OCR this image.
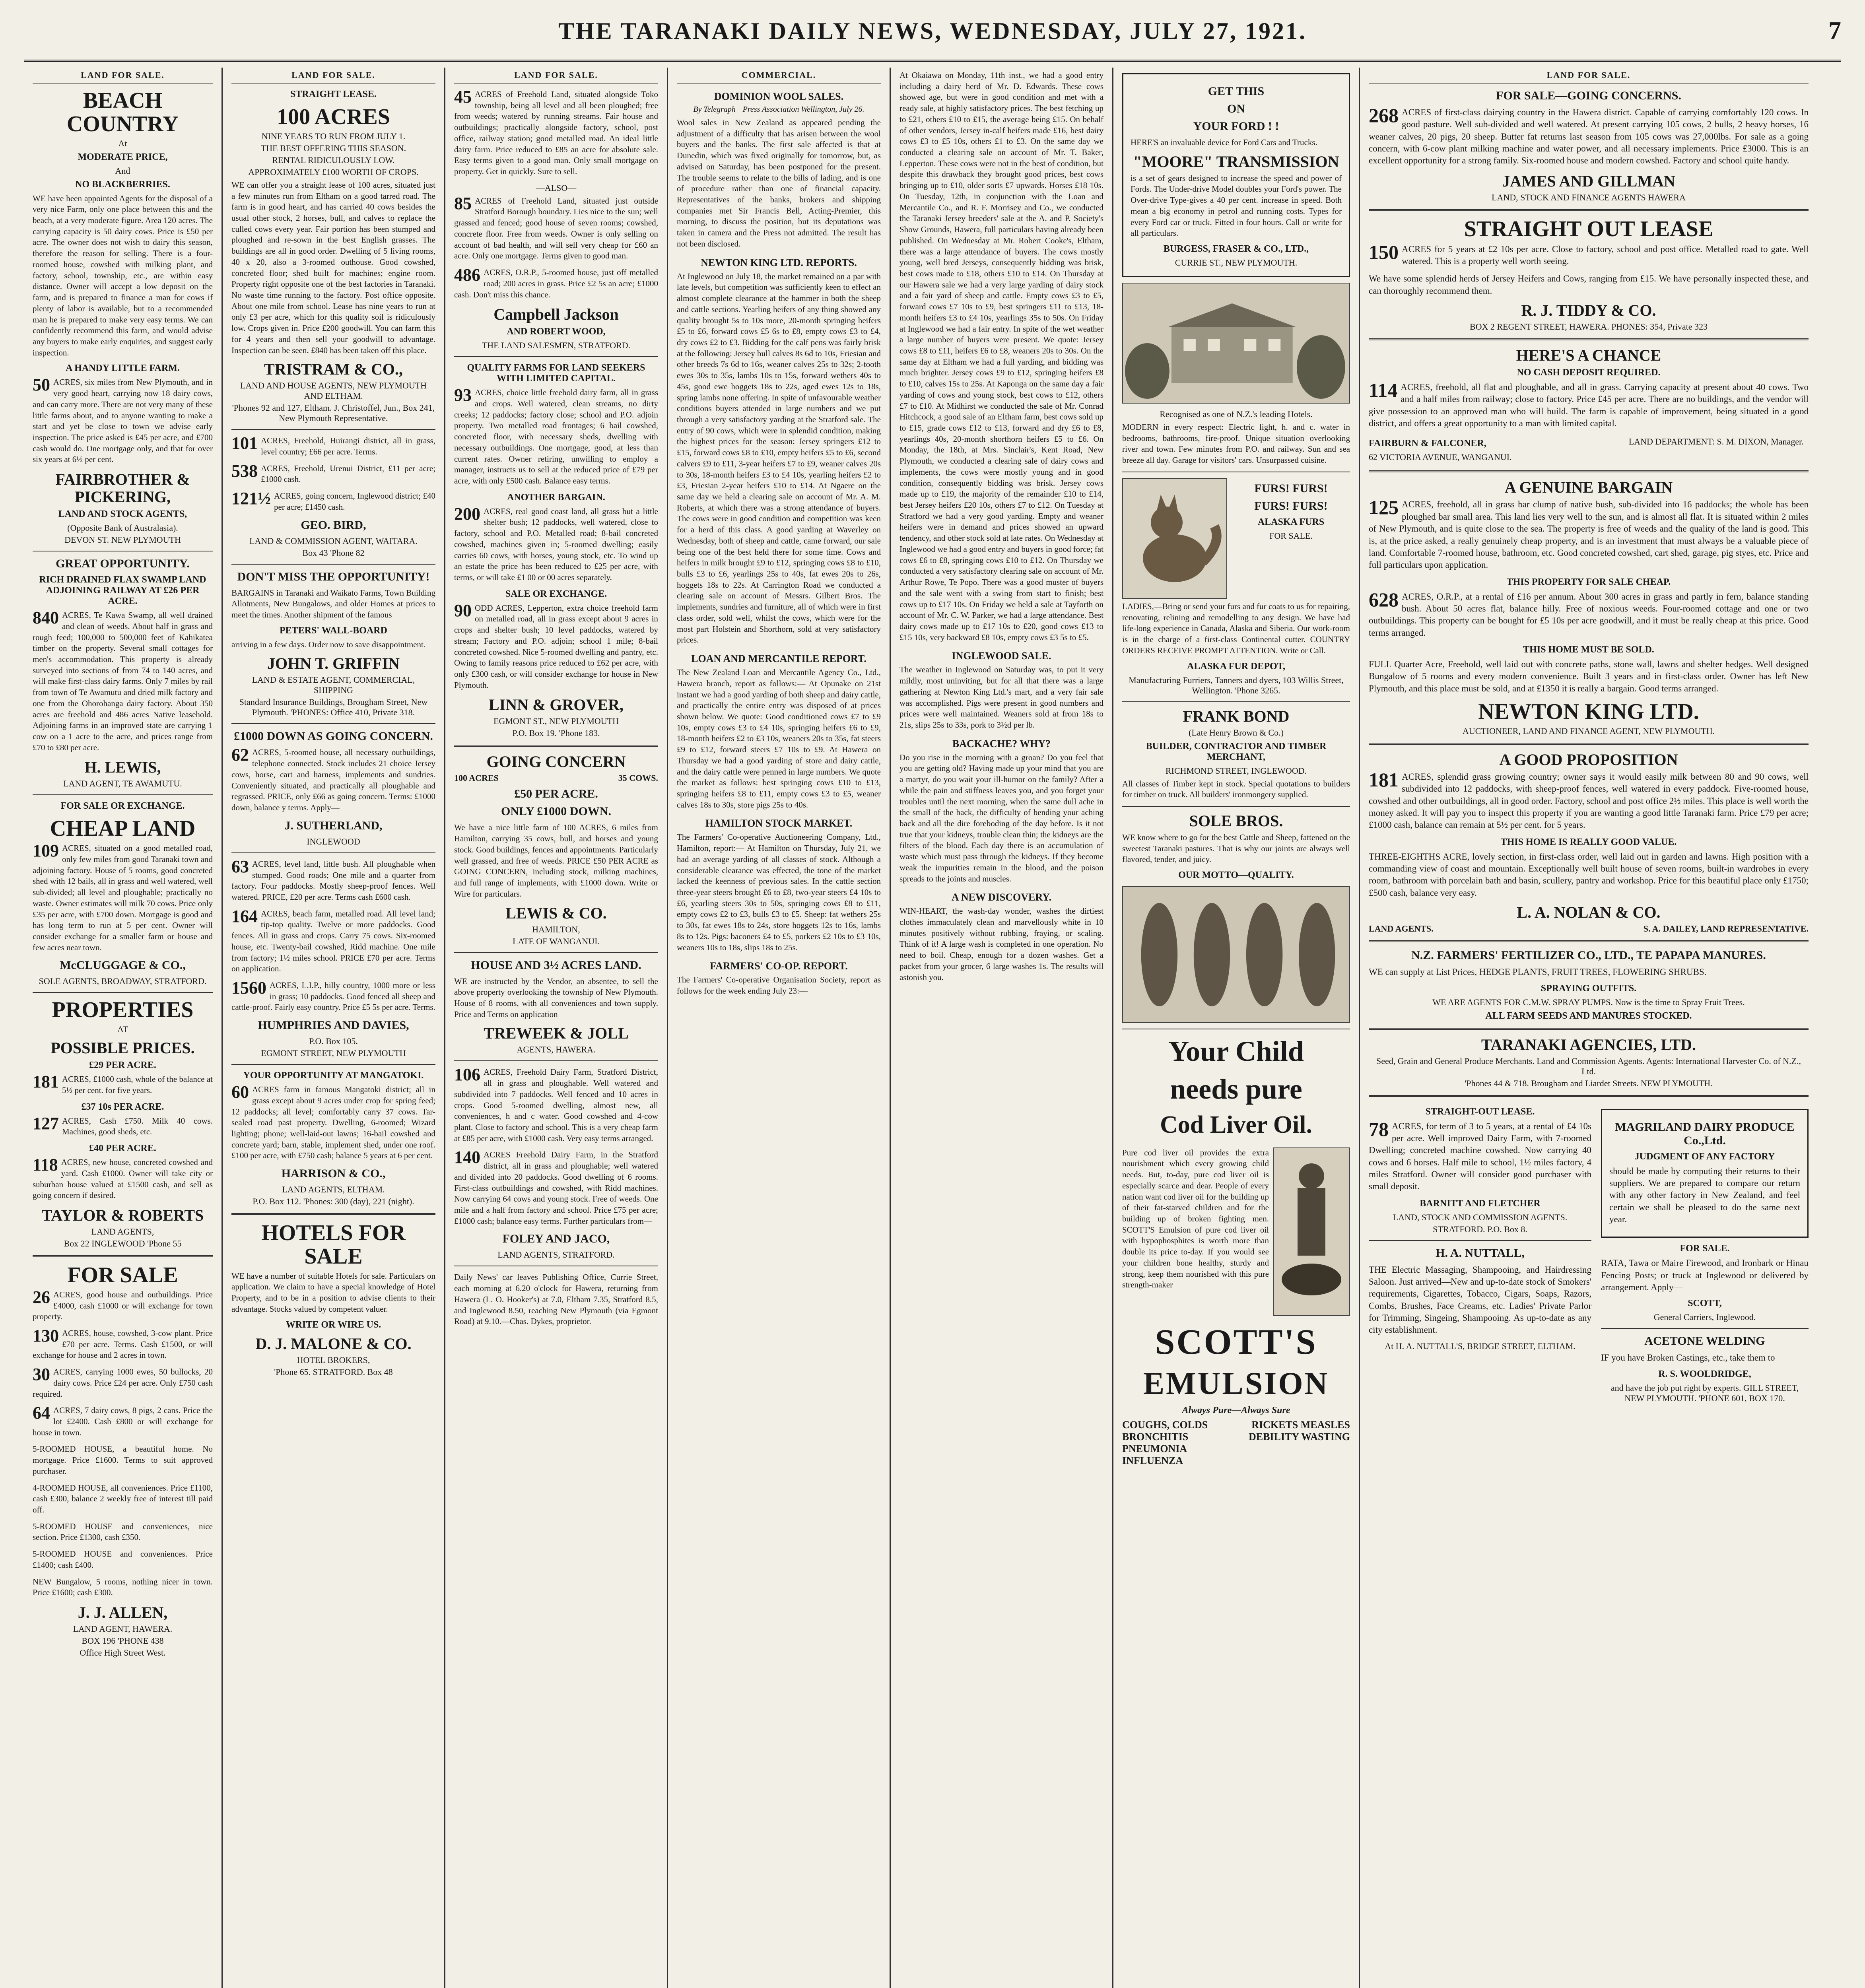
THE TARANAKI DAILY NEWS, WEDNESDAY, JULY 27, 1921.	7
LAND FOR SALE.
BEACH COUNTRY
At
MODERATE PRICE,
And
NO BLACKBERRIES.
WE have been appointed Agents for the disposal of a very nice Farm, only one place between this and the beach, at a very moderate figure. Area 120 acres. The carrying capacity is 50 dairy cows. Price is £50 per acre. The owner does not wish to dairy this season, therefore the reason for selling. There is a four-roomed house, cowshed with milking plant, and factory, school, township, etc., are within easy distance. Owner will accept a low deposit on the farm, and is prepared to finance a man for cows if plenty of labor is available, but to a recommended man he is prepared to make very easy terms. We can confidently recommend this farm, and would advise any buyers to make early enquiries, and suggest early inspection.
A HANDY LITTLE FARM.
50 ACRES, six miles from New Plymouth, and in very good heart, carrying now 18 dairy cows, and can carry more. There are not very many of these little farms about, and to anyone wanting to make a start and yet be close to town we advise early inspection. The price asked is £45 per acre, and £700 cash would do. One mortgage only, and that for over six years at 6½ per cent.
FAIRBROTHER & PICKERING,
LAND AND STOCK AGENTS,
(Opposite Bank of Australasia).
DEVON ST. NEW PLYMOUTH
GREAT OPPORTUNITY.
RICH DRAINED FLAX SWAMP LAND ADJOINING RAILWAY AT £26 PER ACRE.
840 ACRES, Te Kawa Swamp, all well drained and clean of weeds. About half in grass and rough feed; 100,000 to 500,000 feet of Kahikatea timber on the property. Several small cottages for men's accommodation. This property is already surveyed into sections of from 74 to 140 acres, and will make first-class dairy farms. Only 7 miles by rail from town of Te Awamutu and dried milk factory and one from the Ohorohanga dairy factory. About 350 acres are freehold and 486 acres Native leasehold. Adjoining farms in an improved state are carrying 1 cow on a 1 acre to the acre, and prices range from £70 to £80 per acre.
H. LEWIS,
LAND AGENT, TE AWAMUTU.
FOR SALE OR EXCHANGE.
CHEAP LAND
109 ACRES, situated on a good metalled road, only few miles from good Taranaki town and adjoining factory. House of 5 rooms, good concreted shed with 12 bails, all in grass and well watered, well sub-divided; all level and ploughable; practically no waste. Owner estimates will milk 70 cows. Price only £35 per acre, with £700 down. Mortgage is good and has long term to run at 5 per cent. Owner will consider exchange for a smaller farm or house and few acres near town.
McCLUGGAGE & CO.,
SOLE AGENTS, BROADWAY, STRATFORD.
PROPERTIES
AT
POSSIBLE PRICES.
£29 PER ACRE.
181 ACRES, £1000 cash, whole of the balance at 5½ per cent. for five years.
£37 10s PER ACRE.
127 ACRES, Cash £750. Milk 40 cows. Machines, good sheds, etc.
£40 PER ACRE.
118 ACRES, new house, concreted cowshed and yard. Cash £1000. Owner will take city or suburban house valued at £1500 cash, and sell as going concern if desired.
TAYLOR & ROBERTS
LAND AGENTS,
Box 22 INGLEWOOD 'Phone 55
FOR SALE
26 ACRES, good house and outbuildings. Price £4000, cash £1000 or will exchange for town property.
130 ACRES, house, cowshed, 3-cow plant. Price £70 per acre. Terms. Cash £1500, or will exchange for house and 2 acres in town.
30 ACRES, carrying 1000 ewes, 50 bullocks, 20 dairy cows. Price £24 per acre. Only £750 cash required.
64 ACRES, 7 dairy cows, 8 pigs, 2 cans. Price the lot £2400. Cash £800 or will exchange for house in town.
5-ROOMED HOUSE, a beautiful home. No mortgage. Price £1600. Terms to suit approved purchaser.
4-ROOMED HOUSE, all conveniences. Price £1100, cash £300, balance 2 weekly free of interest till paid off.
5-ROOMED HOUSE and conveniences, nice section. Price £1300, cash £350.
5-ROOMED HOUSE and conveniences. Price £1400; cash £400.
NEW Bungalow, 5 rooms, nothing nicer in town. Price £1600; cash £300.
J. J. ALLEN,
LAND AGENT, HAWERA.
BOX 196 'PHONE 438
Office High Street West.
LAND FOR SALE.
STRAIGHT LEASE.
100 ACRES
NINE YEARS TO RUN FROM JULY 1.
THE BEST OFFERING THIS SEASON.
RENTAL RIDICULOUSLY LOW.
APPROXIMATELY £100 WORTH OF CROPS.
WE can offer you a straight lease of 100 acres, situated just a few minutes run from Eltham on a good tarred road. The farm is in good heart, and has carried 40 cows besides the usual other stock, 2 horses, bull, and calves to replace the culled cows every year. Fair portion has been stumped and ploughed and re-sown in the best English grasses. The buildings are all in good order. Dwelling of 5 living rooms, 40 x 20, also a 3-roomed outhouse. Good cowshed, concreted floor; shed built for machines; engine room. Property right opposite one of the best factories in Taranaki. No waste time running to the factory. Post office opposite. About one mile from school. Lease has nine years to run at only £3 per acre, which for this quality soil is ridiculously low. Crops given in. Price £200 goodwill. You can farm this for 4 years and then sell your goodwill to advantage. Inspection can be seen. £840 has been taken off this place.
TRISTRAM & CO.,
LAND AND HOUSE AGENTS, NEW PLYMOUTH AND ELTHAM.
'Phones 92 and 127, Eltham. J. Christoffel, Jun., Box 241, New Plymouth Representative.
101 ACRES, Freehold, Huirangi district, all in grass, level country; £66 per acre. Terms.
538 ACRES, Freehold, Urenui District, £11 per acre; £1000 cash.
121½ ACRES, going concern, Inglewood district; £40 per acre; £1450 cash.
GEO. BIRD,
LAND & COMMISSION AGENT, WAITARA.
Box 43 'Phone 82
DON'T MISS THE OPPORTUNITY!
BARGAINS in Taranaki and Waikato Farms, Town Building Allotments, New Bungalows, and older Homes at prices to meet the times. Another shipment of the famous
PETERS' WALL-BOARD
arriving in a few days. Order now to save disappointment.
JOHN T. GRIFFIN
LAND & ESTATE AGENT, COMMERCIAL, SHIPPING
Standard Insurance Buildings, Brougham Street, New Plymouth. 'PHONES: Office 410, Private 318.
£1000 DOWN AS GOING CONCERN.
62 ACRES, 5-roomed house, all necessary outbuildings, telephone connected. Stock includes 21 choice Jersey cows, horse, cart and harness, implements and sundries. Conveniently situated, and practically all ploughable and regrassed. PRICE, only £66 as going concern. Terms: £1000 down, balance y terms. Apply—
J. SUTHERLAND,
INGLEWOOD
63 ACRES, level land, little bush. All ploughable when stumped. Good roads; One mile and a quarter from factory. Four paddocks. Mostly sheep-proof fences. Well watered. PRICE, £20 per acre. Terms cash £600 cash.
164 ACRES, beach farm, metalled road. All level land; tip-top quality. Twelve or more paddocks. Good fences. All in grass and crops. Carry 75 cows. Six-roomed house, etc. Twenty-bail cowshed, Ridd machine. One mile from factory; 1½ miles school. PRICE £70 per acre. Terms on application.
1560 ACRES, L.I.P., hilly country, 1000 more or less in grass; 10 paddocks. Good fenced all sheep and cattle-proof. Fairly easy country. Price £5 5s per acre. Terms.
HUMPHRIES AND DAVIES,
P.O. Box 105.
EGMONT STREET, NEW PLYMOUTH
YOUR OPPORTUNITY AT MANGATOKI.
60 ACRES farm in famous Mangatoki district; all in grass except about 9 acres under crop for spring feed; 12 paddocks; all level; comfortably carry 37 cows. Tar-sealed road past property. Dwelling, 6-roomed; Wizard lighting; phone; well-laid-out lawns; 16-bail cowshed and concrete yard; barn, stable, implement shed, under one roof. £100 per acre, with £750 cash; balance 5 years at 6 per cent.
HARRISON & CO.,
LAND AGENTS, ELTHAM.
P.O. Box 112. 'Phones: 300 (day), 221 (night).
HOTELS FOR SALE
WE have a number of suitable Hotels for sale. Particulars on application. We claim to have a special knowledge of Hotel Property, and to be in a position to advise clients to their advantage. Stocks valued by competent valuer.
WRITE OR WIRE US.
D. J. MALONE & CO.
HOTEL BROKERS,
'Phone 65. STRATFORD. Box 48
LAND FOR SALE.
45 ACRES of Freehold Land, situated alongside Toko township, being all level and all been ploughed; free from weeds; watered by running streams. Fair house and outbuildings; practically alongside factory, school, post office, railway station; good metalled road. An ideal little dairy farm. Price reduced to £85 an acre for absolute sale. Easy terms given to a good man. Only small mortgage on property. Get in quickly. Sure to sell.
—ALSO—
85 ACRES of Freehold Land, situated just outside Stratford Borough boundary. Lies nice to the sun; well grassed and fenced; good house of seven rooms; cowshed, concrete floor. Free from weeds. Owner is only selling on account of bad health, and will sell very cheap for £60 an acre. Only one mortgage. Terms given to good man.
486 ACRES, O.R.P., 5-roomed house, just off metalled road; 200 acres in grass. Price £2 5s an acre; £1000 cash. Don't miss this chance.
Campbell Jackson
AND ROBERT WOOD,
THE LAND SALESMEN, STRATFORD.
QUALITY FARMS FOR LAND SEEKERS WITH LIMITED CAPITAL.
93 ACRES, choice little freehold dairy farm, all in grass and crops. Well watered, clean streams, no dirty creeks; 12 paddocks; factory close; school and P.O. adjoin property. Two metalled road frontages; 6 bail cowshed, concreted floor, with necessary sheds, dwelling with necessary outbuildings. One mortgage, good, at less than current rates. Owner retiring, unwilling to employ a manager, instructs us to sell at the reduced price of £79 per acre, with only £500 cash. Balance easy terms.
ANOTHER BARGAIN.
200 ACRES, real good coast land, all grass but a little shelter bush; 12 paddocks, well watered, close to factory, school and P.O. Metalled road; 8-bail concreted cowshed, machines given in; 5-roomed dwelling; easily carries 60 cows, with horses, young stock, etc. To wind up an estate the price has been reduced to £25 per acre, with terms, or will take £1 00 or 00 acres separately.
SALE OR EXCHANGE.
90 ODD ACRES, Lepperton, extra choice freehold farm on metalled road, all in grass except about 9 acres in crops and shelter bush; 10 level paddocks, watered by stream; Factory and P.O. adjoin; school 1 mile; 8-bail concreted cowshed. Nice 5-roomed dwelling and pantry, etc. Owing to family reasons price reduced to £62 per acre, with only £300 cash, or will consider exchange for house in New Plymouth.
LINN & GROVER,
EGMONT ST., NEW PLYMOUTH
P.O. Box 19. 'Phone 183.
GOING CONCERN
100 ACRES	35 COWS.
£50 PER ACRE.
ONLY £1000 DOWN.
We have a nice little farm of 100 ACRES, 6 miles from Hamilton, carrying 35 cows, bull, and horses and young stock. Good buildings, fences and appointments. Particularly well grassed, and free of weeds. PRICE £50 PER ACRE as GOING CONCERN, including stock, milking machines, and full range of implements, with £1000 down. Write or Wire for particulars.
LEWIS & CO.
HAMILTON,
LATE OF WANGANUI.
HOUSE AND 3½ ACRES LAND.
WE are instructed by the Vendor, an absentee, to sell the above property overlooking the township of New Plymouth. House of 8 rooms, with all conveniences and town supply. Price and Terms on application
TREWEEK & JOLL
AGENTS, HAWERA.
106 ACRES, Freehold Dairy Farm, Stratford District, all in grass and ploughable. Well watered and subdivided into 7 paddocks. Well fenced and 10 acres in crops. Good 5-roomed dwelling, almost new, all conveniences, h and c water. Good cowshed and 4-cow plant. Close to factory and school. This is a very cheap farm at £85 per acre, with £1000 cash. Very easy terms arranged.
140 ACRES Freehold Dairy Farm, in the Stratford district, all in grass and ploughable; well watered and divided into 20 paddocks. Good dwelling of 6 rooms. First-class outbuildings and cowshed, with Ridd machines. Now carrying 64 cows and young stock. Free of weeds. One mile and a half from factory and school. Price £75 per acre; £1000 cash; balance easy terms. Further particulars from—
FOLEY AND JACO,
LAND AGENTS, STRATFORD.
Daily News' car leaves Publishing Office, Currie Street, each morning at 6.20 o'clock for Hawera, returning from Hawera (L. O. Hooker's) at 7.0, Eltham 7.35, Stratford 8.5, and Inglewood 8.50, reaching New Plymouth (via Egmont Road) at 9.10.—Chas. Dykes, proprietor.
COMMERCIAL.
DOMINION WOOL SALES.
By Telegraph—Press Association Wellington, July 26.
Wool sales in New Zealand as appeared pending the adjustment of a difficulty that has arisen between the wool buyers and the banks. The first sale affected is that at Dunedin, which was fixed originally for tomorrow, but, as advised on Saturday, has been postponed for the present. The trouble seems to relate to the bills of lading, and is one of procedure rather than one of financial capacity. Representatives of the banks, brokers and shipping companies met Sir Francis Bell, Acting-Premier, this morning, to discuss the position, but its deputations was taken in camera and the Press not admitted. The result has not been disclosed.
NEWTON KING LTD. REPORTS.
At Inglewood on July 18, the market remained on a par with late levels, but competition was sufficiently keen to effect an almost complete clearance at the hammer in both the sheep and cattle sections. Yearling heifers of any thing showed any quality brought 5s to 10s more, 20-month springing heifers £5 to £6, forward cows £5 6s to £8, empty cows £3 to £4, dry cows £2 to £3. Bidding for the calf pens was fairly brisk at the following: Jersey bull calves 8s 6d to 10s, Friesian and other breeds 7s 6d to 16s, weaner calves 25s to 32s; 2-tooth ewes 30s to 35s, lambs 10s to 15s, forward wethers 40s to 45s, good ewe hoggets 18s to 22s, aged ewes 12s to 18s, spring lambs none offering. In spite of unfavourable weather conditions buyers attended in large numbers and we put through a very satisfactory yarding at the Stratford sale. The entry of 90 cows, which were in splendid condition, making the highest prices for the season: Jersey springers £12 to £15, forward cows £8 to £10, empty heifers £5 to £6, second calvers £9 to £11, 3-year heifers £7 to £9, weaner calves 20s to 30s, 18-month heifers £3 to £4 10s, yearling heifers £2 to £3, Friesian 2-year heifers £10 to £14. At Ngaere on the same day we held a clearing sale on account of Mr. A. M. Roberts, at which there was a strong attendance of buyers. The cows were in good condition and competition was keen for a herd of this class. A good yarding at Waverley on Wednesday, both of sheep and cattle, came forward, our sale being one of the best held there for some time. Cows and heifers in milk brought £9 to £12, springing cows £8 to £10, bulls £3 to £6, yearlings 25s to 40s, fat ewes 20s to 26s, hoggets 18s to 22s. At Carrington Road we conducted a clearing sale on account of Messrs. Gilbert Bros. The implements, sundries and furniture, all of which were in first class order, sold well, whilst the cows, which were for the most part Holstein and Shorthorn, sold at very satisfactory prices.
LOAN AND MERCANTILE REPORT.
The New Zealand Loan and Mercantile Agency Co., Ltd., Hawera branch, report as follows:— At Opunake on 21st instant we had a good yarding of both sheep and dairy cattle, and practically the entire entry was disposed of at prices shown below. We quote: Good conditioned cows £7 to £9 10s, empty cows £3 to £4 10s, springing heifers £6 to £9, 18-month heifers £2 to £3 10s, weaners 20s to 35s, fat steers £9 to £12, forward steers £7 10s to £9. At Hawera on Thursday we had a good yarding of store and dairy cattle, and the dairy cattle were penned in large numbers. We quote the market as follows: best springing cows £10 to £13, springing heifers £8 to £11, empty cows £3 to £5, weaner calves 18s to 30s, store pigs 25s to 40s.
HAMILTON STOCK MARKET.
The Farmers' Co-operative Auctioneering Company, Ltd., Hamilton, report:— At Hamilton on Thursday, July 21, we had an average yarding of all classes of stock. Although a considerable clearance was effected, the tone of the market lacked the keenness of previous sales. In the cattle section three-year steers brought £6 to £8, two-year steers £4 10s to £6, yearling steers 30s to 50s, springing cows £8 to £11, empty cows £2 to £3, bulls £3 to £5. Sheep: fat wethers 25s to 30s, fat ewes 18s to 24s, store hoggets 12s to 16s, lambs 8s to 12s. Pigs: baconers £4 to £5, porkers £2 10s to £3 10s, weaners 10s to 18s, slips 18s to 25s.
FARMERS' CO-OP. REPORT.
The Farmers' Co-operative Organisation Society, report as follows for the week ending July 23:—
At Okaiawa on Monday, 11th inst., we had a good entry including a dairy herd of Mr. D. Edwards. These cows showed age, but were in good condition and met with a ready sale, at highly satisfactory prices. The best fetching up to £21, others £10 to £15, the average being £15. On behalf of other vendors, Jersey in-calf heifers made £16, best dairy cows £3 to £5 10s, others £1 to £3. On the same day we conducted a clearing sale on account of Mr. T. Baker, Lepperton. These cows were not in the best of condition, but despite this drawback they brought good prices, best cows bringing up to £10, older sorts £7 upwards. Horses £18 10s. On Tuesday, 12th, in conjunction with the Loan and Mercantile Co., and R. F. Morrisey and Co., we conducted the Taranaki Jersey breeders' sale at the A. and P. Society's Show Grounds, Hawera, full particulars having already been published. On Wednesday at Mr. Robert Cooke's, Eltham, there was a large attendance of buyers. The cows mostly young, well bred Jerseys, consequently bidding was brisk, best cows made to £18, others £10 to £14. On Thursday at our Hawera sale we had a very large yarding of dairy stock and a fair yard of sheep and cattle. Empty cows £3 to £5, forward cows £7 10s to £9, best springers £11 to £13, 18-month heifers £3 to £4 10s, yearlings 35s to 50s. On Friday at Inglewood we had a fair entry. In spite of the wet weather a large number of buyers were present. We quote: Jersey cows £8 to £11, heifers £6 to £8, weaners 20s to 30s. On the same day at Eltham we had a full yarding, and bidding was much brighter. Jersey cows £9 to £12, springing heifers £8 to £10, calves 15s to 25s. At Kaponga on the same day a fair yarding of cows and young stock, best cows to £12, others £7 to £10. At Midhirst we conducted the sale of Mr. Conrad Hitchcock, a good sale of an Eltham farm, best cows sold up to £15, grade cows £12 to £13, forward and dry £6 to £8, yearlings 40s, 20-month shorthorn heifers £5 to £6. On Monday, the 18th, at Mrs. Sinclair's, Kent Road, New Plymouth, we conducted a clearing sale of dairy cows and implements, the cows were mostly young and in good condition, consequently bidding was brisk. Jersey cows made up to £19, the majority of the remainder £10 to £14, best Jersey heifers £20 10s, others £7 to £12. On Tuesday at Stratford we had a very good yarding. Empty and weaner heifers were in demand and prices showed an upward tendency, and other stock sold at late rates. On Wednesday at Inglewood we had a good entry and buyers in good force; fat cows £6 to £8, springing cows £10 to £12. On Thursday we conducted a very satisfactory clearing sale on account of Mr. Arthur Rowe, Te Popo. There was a good muster of buyers and the sale went with a swing from start to finish; best cows up to £17 10s. On Friday we held a sale at Tayforth on account of Mr. C. W. Parker, we had a large attendance. Best dairy cows made up to £17 10s to £20, good cows £13 to £15 10s, very backward £8 10s, empty cows £3 5s to £5.
INGLEWOOD SALE.
The weather in Inglewood on Saturday was, to put it very mildly, most uninviting, but for all that there was a large gathering at Newton King Ltd.'s mart, and a very fair sale was accomplished. Pigs were present in good numbers and prices were well maintained. Weaners sold at from 18s to 21s, slips 25s to 33s, pork to 3½d per lb.
BACKACHE? WHY?
Do you rise in the morning with a groan? Do you feel that you are getting old? Having made up your mind that you are a martyr, do you wait your ill-humor on the family? After a while the pain and stiffness leaves you, and you forget your troubles until the next morning, when the same dull ache in the small of the back, the difficulty of bending your aching back and all the dire foreboding of the day before. Is it not true that your kidneys, trouble clean thin; the kidneys are the filters of the blood. Each day there is an accumulation of waste which must pass through the kidneys. If they become weak the impurities remain in the blood, and the poison spreads to the joints and muscles.
A NEW DISCOVERY.
WIN-HEART, the wash-day wonder, washes the dirtiest clothes immaculately clean and marvellously white in 10 minutes positively without rubbing, fraying, or scaling. Think of it! A large wash is completed in one operation. No need to boil. Cheap, enough for a dozen washes. Get a packet from your grocer, 6 large washes 1s. The results will astonish you.
GET THIS
ON
YOUR FORD ! !
HERE'S an invaluable device for Ford Cars and Trucks.
"MOORE" TRANSMISSION
is a set of gears designed to increase the speed and power of Fords. The Under-drive Model doubles your Ford's power. The Over-drive Type-gives a 40 per cent. increase in speed. Both mean a big economy in petrol and running costs. Types for every Ford car or truck. Fitted in four hours. Call or write for all particulars.
BURGESS, FRASER & CO., LTD.,
CURRIE ST., NEW PLYMOUTH.
Recognised as one of N.Z.'s leading Hotels.
MODERN in every respect: Electric light, h. and c. water in bedrooms, bathrooms, fire-proof. Unique situation overlooking river and town. Few minutes from P.O. and railway. Sun and sea breeze all day. Garage for visitors' cars. Unsurpassed cuisine.
FURS! FURS!
FURS! FURS!
ALASKA FURS
FOR SALE.
LADIES,—Bring or send your furs and fur coats to us for repairing, renovating, relining and remodelling to any design. We have had life-long experience in Canada, Alaska and Siberia. Our work-room is in the charge of a first-class Continental cutter. COUNTRY ORDERS RECEIVE PROMPT ATTENTION. Write or Call.
ALASKA FUR DEPOT,
Manufacturing Furriers, Tanners and dyers, 103 Willis Street, Wellington. 'Phone 3265.
FRANK BOND
(Late Henry Brown & Co.)
BUILDER, CONTRACTOR AND TIMBER MERCHANT,
RICHMOND STREET, INGLEWOOD.
All classes of Timber kept in stock. Special quotations to builders for timber on truck. All builders' ironmongery supplied.
SOLE BROS.
WE know where to go for the best Cattle and Sheep, fattened on the sweetest Taranaki pastures. That is why our joints are always well flavored, tender, and juicy.
OUR MOTTO—QUALITY.
Your Child
needs pure
Cod Liver Oil.
Pure cod liver oil provides the extra nourishment which every growing child needs. But, to-day, pure cod liver oil is especially scarce and dear. People of every nation want cod liver oil for the building up of their fat-starved children and for the building up of broken fighting men. SCOTT'S Emulsion of pure cod liver oil with hypophosphites is worth more than double its price to-day. If you would see your children bone healthy, sturdy and strong, keep them nourished with this pure strength-maker
SCOTT'S
EMULSION
Always Pure—Always Sure
COUGHS, COLDS BRONCHITIS PNEUMONIA INFLUENZA
RICKETS MEASLES DEBILITY WASTING
LAND FOR SALE.
FOR SALE—GOING CONCERNS.
268 ACRES of first-class dairying country in the Hawera district. Capable of carrying comfortably 120 cows. In good pasture. Well sub-divided and well watered. At present carrying 105 cows, 2 bulls, 2 heavy horses, 16 weaner calves, 20 pigs, 20 sheep. Butter fat returns last season from 105 cows was 27,000lbs. For sale as a going concern, with 6-cow plant milking machine and water power, and all necessary implements. Price £3000. This is an excellent opportunity for a strong family. Six-roomed house and modern cowshed. Factory and school quite handy.
JAMES AND GILLMAN
LAND, STOCK AND FINANCE AGENTS HAWERA
STRAIGHT OUT LEASE
150 ACRES for 5 years at £2 10s per acre. Close to factory, school and post office. Metalled road to gate. Well watered. This is a property well worth seeing.
We have some splendid herds of Jersey Heifers and Cows, ranging from £15. We have personally inspected these, and can thoroughly recommend them.
R. J. TIDDY & CO.
BOX 2 REGENT STREET, HAWERA. PHONES: 354, Private 323
HERE'S A CHANCE
NO CASH DEPOSIT REQUIRED.
114 ACRES, freehold, all flat and ploughable, and all in grass. Carrying capacity at present about 40 cows. Two and a half miles from railway; close to factory. Price £45 per acre. There are no buildings, and the vendor will give possession to an approved man who will build. The farm is capable of improvement, being situated in a good district, and offers a great opportunity to a man with limited capital.
FAIRBURN & FALCONER,
62 VICTORIA AVENUE, WANGANUI.
LAND DEPARTMENT: S. M. DIXON, Manager.
A GENUINE BARGAIN
125 ACRES, freehold, all in grass bar clump of native bush, sub-divided into 16 paddocks; the whole has been ploughed bar small area. This land lies very well to the sun, and is almost all flat. It is situated within 2 miles of New Plymouth, and is quite close to the sea. The property is free of weeds and the quality of the land is good. This is, at the price asked, a really genuinely cheap property, and is an investment that must always be a valuable piece of land. Comfortable 7-roomed house, bathroom, etc. Good concreted cowshed, cart shed, garage, pig styes, etc. Price and full particulars upon application.
THIS PROPERTY FOR SALE CHEAP.
628 ACRES, O.R.P., at a rental of £16 per annum. About 300 acres in grass and partly in fern, balance standing bush. About 50 acres flat, balance hilly. Free of noxious weeds. Four-roomed cottage and one or two outbuildings. This property can be bought for £5 10s per acre goodwill, and it must be really cheap at this price. Good terms arranged.
THIS HOME MUST BE SOLD.
FULL Quarter Acre, Freehold, well laid out with concrete paths, stone wall, lawns and shelter hedges. Well designed Bungalow of 5 rooms and every modern convenience. Built 3 years and in first-class order. Owner has left New Plymouth, and this place must be sold, and at £1350 it is really a bargain. Good terms arranged.
NEWTON KING LTD.
AUCTIONEER, LAND AND FINANCE AGENT, NEW PLYMOUTH.
A GOOD PROPOSITION
181 ACRES, splendid grass growing country; owner says it would easily milk between 80 and 90 cows, well subdivided into 12 paddocks, with sheep-proof fences, well watered in every paddock. Five-roomed house, cowshed and other outbuildings, all in good order. Factory, school and post office 2½ miles. This place is well worth the money asked. It will pay you to inspect this property if you are wanting a good little Taranaki farm. Price £79 per acre; £1000 cash, balance can remain at 5½ per cent. for 5 years.
THIS HOME IS REALLY GOOD VALUE.
THREE-EIGHTHS ACRE, lovely section, in first-class order, well laid out in garden and lawns. High position with a commanding view of coast and mountain. Exceptionally well built house of seven rooms, built-in wardrobes in every room, bathroom with porcelain bath and basin, scullery, pantry and workshop. Price for this beautiful place only £1750; £500 cash, balance very easy.
L. A. NOLAN & CO.
LAND AGENTS.	S. A. DAILEY, LAND REPRESENTATIVE.
N.Z. FARMERS' FERTILIZER CO., LTD., TE PAPAPA MANURES.
WE can supply at List Prices, HEDGE PLANTS, FRUIT TREES, FLOWERING SHRUBS.
SPRAYING OUTFITS.
WE ARE AGENTS FOR C.M.W. SPRAY PUMPS. Now is the time to Spray Fruit Trees.
ALL FARM SEEDS AND MANURES STOCKED.
TARANAKI AGENCIES, LTD.
Seed, Grain and General Produce Merchants. Land and Commission Agents. Agents: International Harvester Co. of N.Z., Ltd.
'Phones 44 & 718. Brougham and Liardet Streets. NEW PLYMOUTH.
STRAIGHT-OUT LEASE.
78 ACRES, for term of 3 to 5 years, at a rental of £4 10s per acre. Well improved Dairy Farm, with 7-roomed Dwelling; concreted machine cowshed. Now carrying 40 cows and 6 horses. Half mile to school, 1½ miles factory, 4 miles Stratford. Owner will consider good purchaser with small deposit.
BARNITT AND FLETCHER
LAND, STOCK AND COMMISSION AGENTS.
STRATFORD. P.O. Box 8.
H. A. NUTTALL,
THE Electric Massaging, Shampooing, and Hairdressing Saloon. Just arrived—New and up-to-date stock of Smokers' requirements, Cigarettes, Tobacco, Cigars, Soaps, Razors, Combs, Brushes, Face Creams, etc. Ladies' Private Parlor for Trimming, Singeing, Shampooing. As up-to-date as any city establishment.
At H. A. NUTTALL'S, BRIDGE STREET, ELTHAM.
MAGRILAND DAIRY PRODUCE Co.,Ltd.
JUDGMENT OF ANY FACTORY
should be made by computing their returns to their suppliers. We are prepared to compare our return with any other factory in New Zealand, and feel certain we shall be pleased to do the same next year.
FOR SALE.
RATA, Tawa or Maire Firewood, and Ironbark or Hinau Fencing Posts; or truck at Inglewood or delivered by arrangement. Apply—
SCOTT,
General Carriers, Inglewood.
ACETONE WELDING
IF you have Broken Castings, etc., take them to
R. S. WOOLDRIDGE,
and have the job put right by experts. GILL STREET, NEW PLYMOUTH. 'PHONE 601, BOX 170.
